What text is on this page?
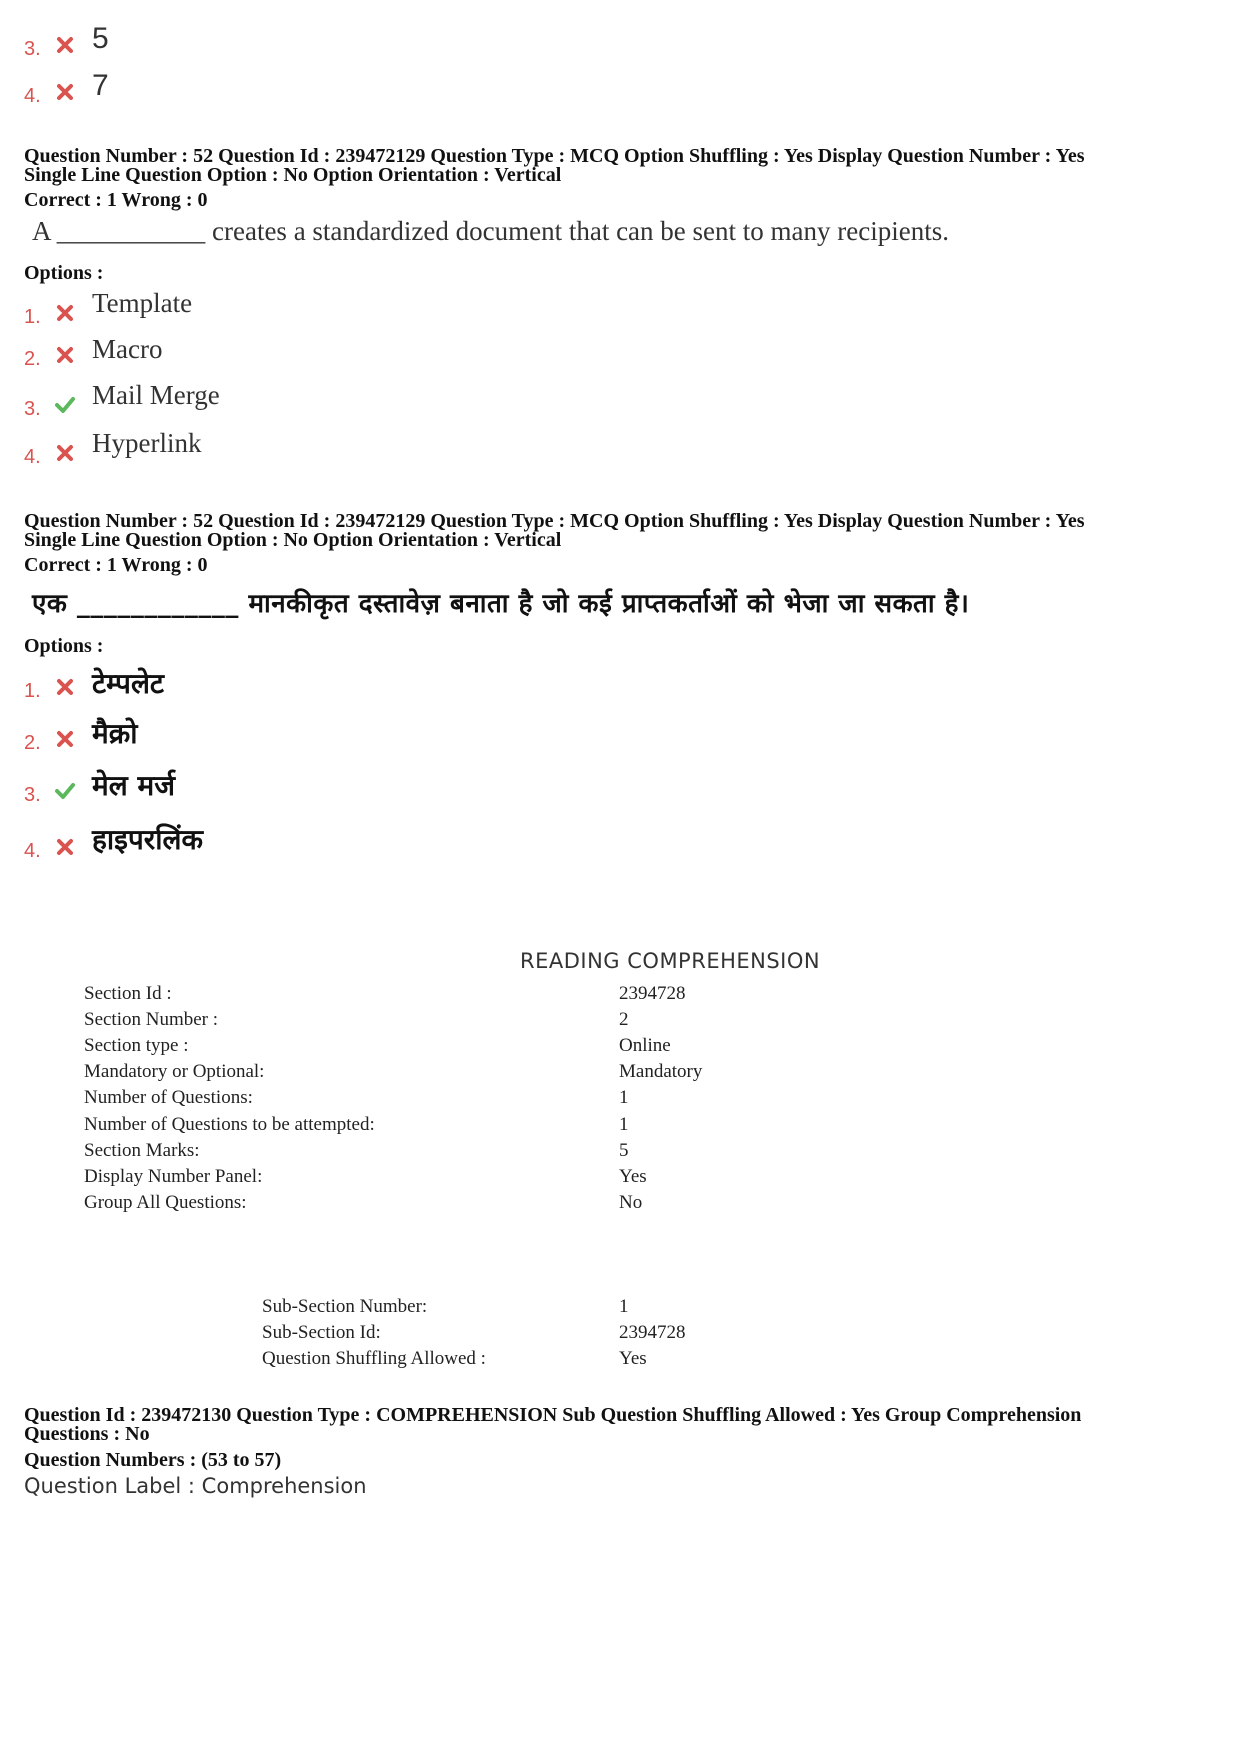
3. 5
4. 7
Question Number : 52 Question Id : 239472129 Question Type : MCQ Option Shuffling : Yes Display Question Number : Yes
Single Line Question Option : No Option Orientation : Vertical
Correct : 1 Wrong : 0
A ___________ creates a standardized document that can be sent to many recipients.
Options :
1. Template
2. Macro
3. Mail Merge
4. Hyperlink
Question Number : 52 Question Id : 239472129 Question Type : MCQ Option Shuffling : Yes Display Question Number : Yes
Single Line Question Option : No Option Orientation : Vertical
Correct : 1 Wrong : 0
एक ____________ मानकीकृत दस्तावेज़ बनाता है जो कई प्राप्तकर्ताओं को भेजा जा सकता है।
Options :
1. टेम्पलेट
2. मैक्रो
3. मेल मर्ज
4. हाइपरलिंक
READING COMPREHENSION
Section Id :	2394728
Section Number :	2
Section type :	Online
Mandatory or Optional:	Mandatory
Number of Questions:	1
Number of Questions to be attempted:	1
Section Marks:	5
Display Number Panel:	Yes
Group All Questions:	No
Sub-Section Number:	1
Sub-Section Id:	2394728
Question Shuffling Allowed :	Yes
Question Id : 239472130 Question Type : COMPREHENSION Sub Question Shuffling Allowed : Yes Group Comprehension
Questions : No
Question Numbers : (53 to 57)
Question Label : Comprehension
